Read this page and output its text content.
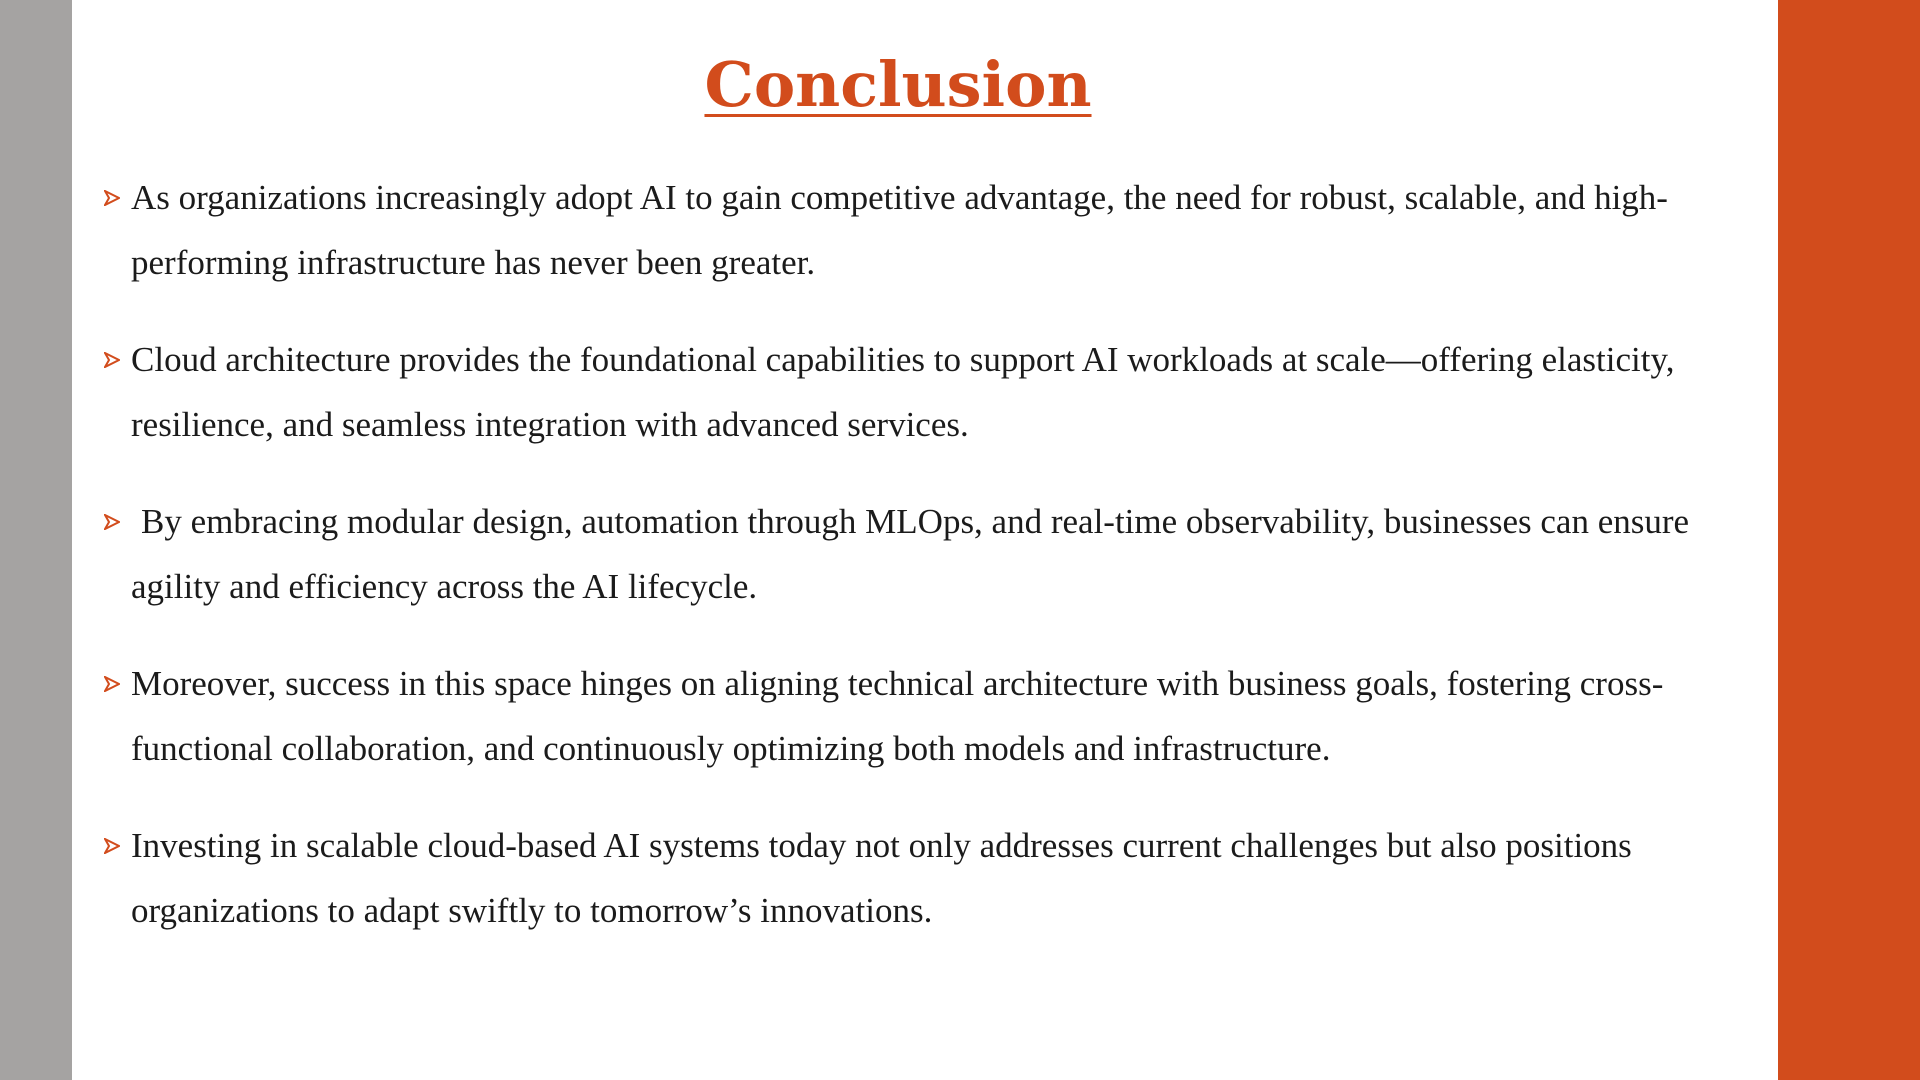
Conclusion
As organizations increasingly adopt AI to gain competitive advantage, the need for robust, scalable, and high-performing infrastructure has never been greater.
Cloud architecture provides the foundational capabilities to support AI workloads at scale—offering elasticity, resilience, and seamless integration with advanced services.
By embracing modular design, automation through MLOps, and real-time observability, businesses can ensure agility and efficiency across the AI lifecycle.
Moreover, success in this space hinges on aligning technical architecture with business goals, fostering cross-functional collaboration, and continuously optimizing both models and infrastructure.
Investing in scalable cloud-based AI systems today not only addresses current challenges but also positions organizations to adapt swiftly to tomorrow’s innovations.
